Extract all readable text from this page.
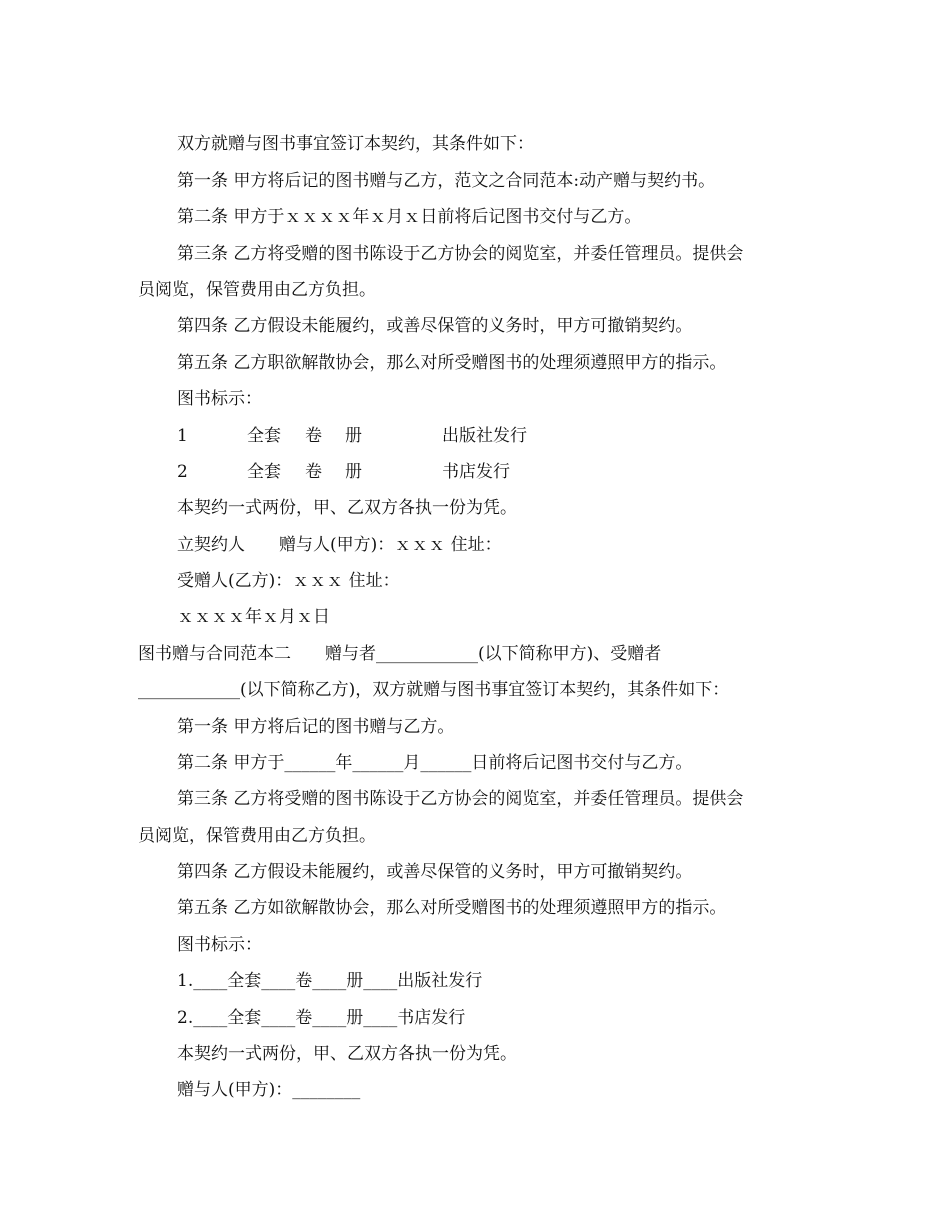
双方就赠与图书事宜签订本契约，其条件如下：
第一条 甲方将后记的图书赠与乙方，范文之合同范本:动产赠与契约书。
第二条 甲方于ｘｘｘｘ年ｘ月ｘ日前将后记图书交付与乙方。
第三条 乙方将受赠的图书陈设于乙方协会的阅览室，并委任管理员。提供会
员阅览，保管费用由乙方负担。
第四条 乙方假设未能履约，或善尽保管的义务时，甲方可撤销契约。
第五条 乙方职欲解散协会，那么对所受赠图书的处理须遵照甲方的指示。
图书标示：
1	全套 卷 册	出版社发行
2	全套 卷 册	书店发行
本契约一式两份，甲、乙双方各执一份为凭。
立契约人　　赠与人(甲方)：ｘｘｘ 住址：
受赠人(乙方)：ｘｘｘ 住址：
ｘｘｘｘ年ｘ月ｘ日
图书赠与合同范本二　　赠与者____________(以下简称甲方)、受赠者
____________(以下简称乙方)，双方就赠与图书事宜签订本契约，其条件如下：
第一条 甲方将后记的图书赠与乙方。
第二条 甲方于______年______月______日前将后记图书交付与乙方。
第三条 乙方将受赠的图书陈设于乙方协会的阅览室，并委任管理员。提供会
员阅览，保管费用由乙方负担。
第四条 乙方假设未能履约，或善尽保管的义务时，甲方可撤销契约。
第五条 乙方如欲解散协会，那么对所受赠图书的处理须遵照甲方的指示。
图书标示：
1.____全套____卷____册____出版社发行
2.____全套____卷____册____书店发行
本契约一式两份，甲、乙双方各执一份为凭。
赠与人(甲方)：________
